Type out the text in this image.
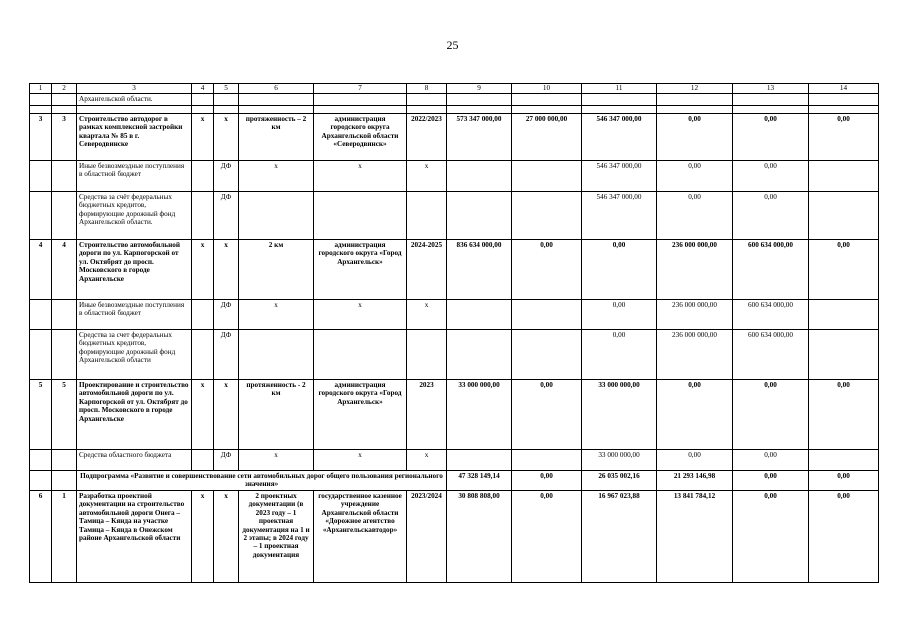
25
1	2	3	4	5	6	7	8	9	10	11	12	13	14
		Архангельской области.											

3	3	Строительство автодорог в рамках комплексной застройки квартала № 85 в г. Северодвинске	х	х	протяженность – 2 км	администрация городского округа Архангельской области «Северодвинск»	2022/2023	573 347 000,00	27 000 000,00	546 347 000,00	0,00	0,00	0,00
		Иные безвозмездные поступления в областной бюджет		ДФ	х	х	х			546 347 000,00	0,00	0,00	
		Средства за счёт федеральных бюджетных кредитов, формирующие дорожный фонд Архангельской области.		ДФ						546 347 000,00	0,00	0,00	
4	4	Строительство автомобильной дороги по ул. Карпогорской от ул. Октябрят до просп. Московского в городе Архангельске	х	х	2 км	администрация городского округа «Город Архангельск»	2024-2025	836 634 000,00	0,00	0,00	236 000 000,00	600 634 000,00	0,00
		Иные безвозмездные поступления в областной бюджет		ДФ	х	х	х			0,00	236 000 000,00	600 634 000,00	
		Средства за счет федеральных бюджетных кредитов, формирующие дорожный фонд Архангельской области		ДФ						0,00	236 000 000,00	600 634 000,00	
5	5	Проектирование и строительство автомобильной дороги по ул. Карпогорской от ул. Октябрят до просп. Московского в городе Архангельске	х	х	протяженность - 2 км	администрация городского округа «Город Архангельск»	2023	33 000 000,00	0,00	33 000 000,00	0,00	0,00	0,00
		Средства областного бюджета		ДФ	х	х	х			33 000 000,00	0,00	0,00	
		Подпрограмма «Развитие и совершенствование сети автомобильных дорог общего пользования регионального значения»						47 328 149,14	0,00	26 035 002,16	21 293 146,98	0,00	0,00
6	1	Разработка проектной документации на строительство автомобильной дороги Онега – Тамица – Кянда на участке Тамица – Кянда в Онежском районе Архангельской области	х	х	2 проектных документации (в 2023 году – 1 проектная документация на 1 и 2 этапы; в 2024 году – 1 проектная документация	государственное казенное учреждение Архангельской области «Дорожное агентство «Архангельскавтодор»	2023/2024	30 808 808,00	0,00	16 967 023,88	13 841 784,12	0,00	0,00
